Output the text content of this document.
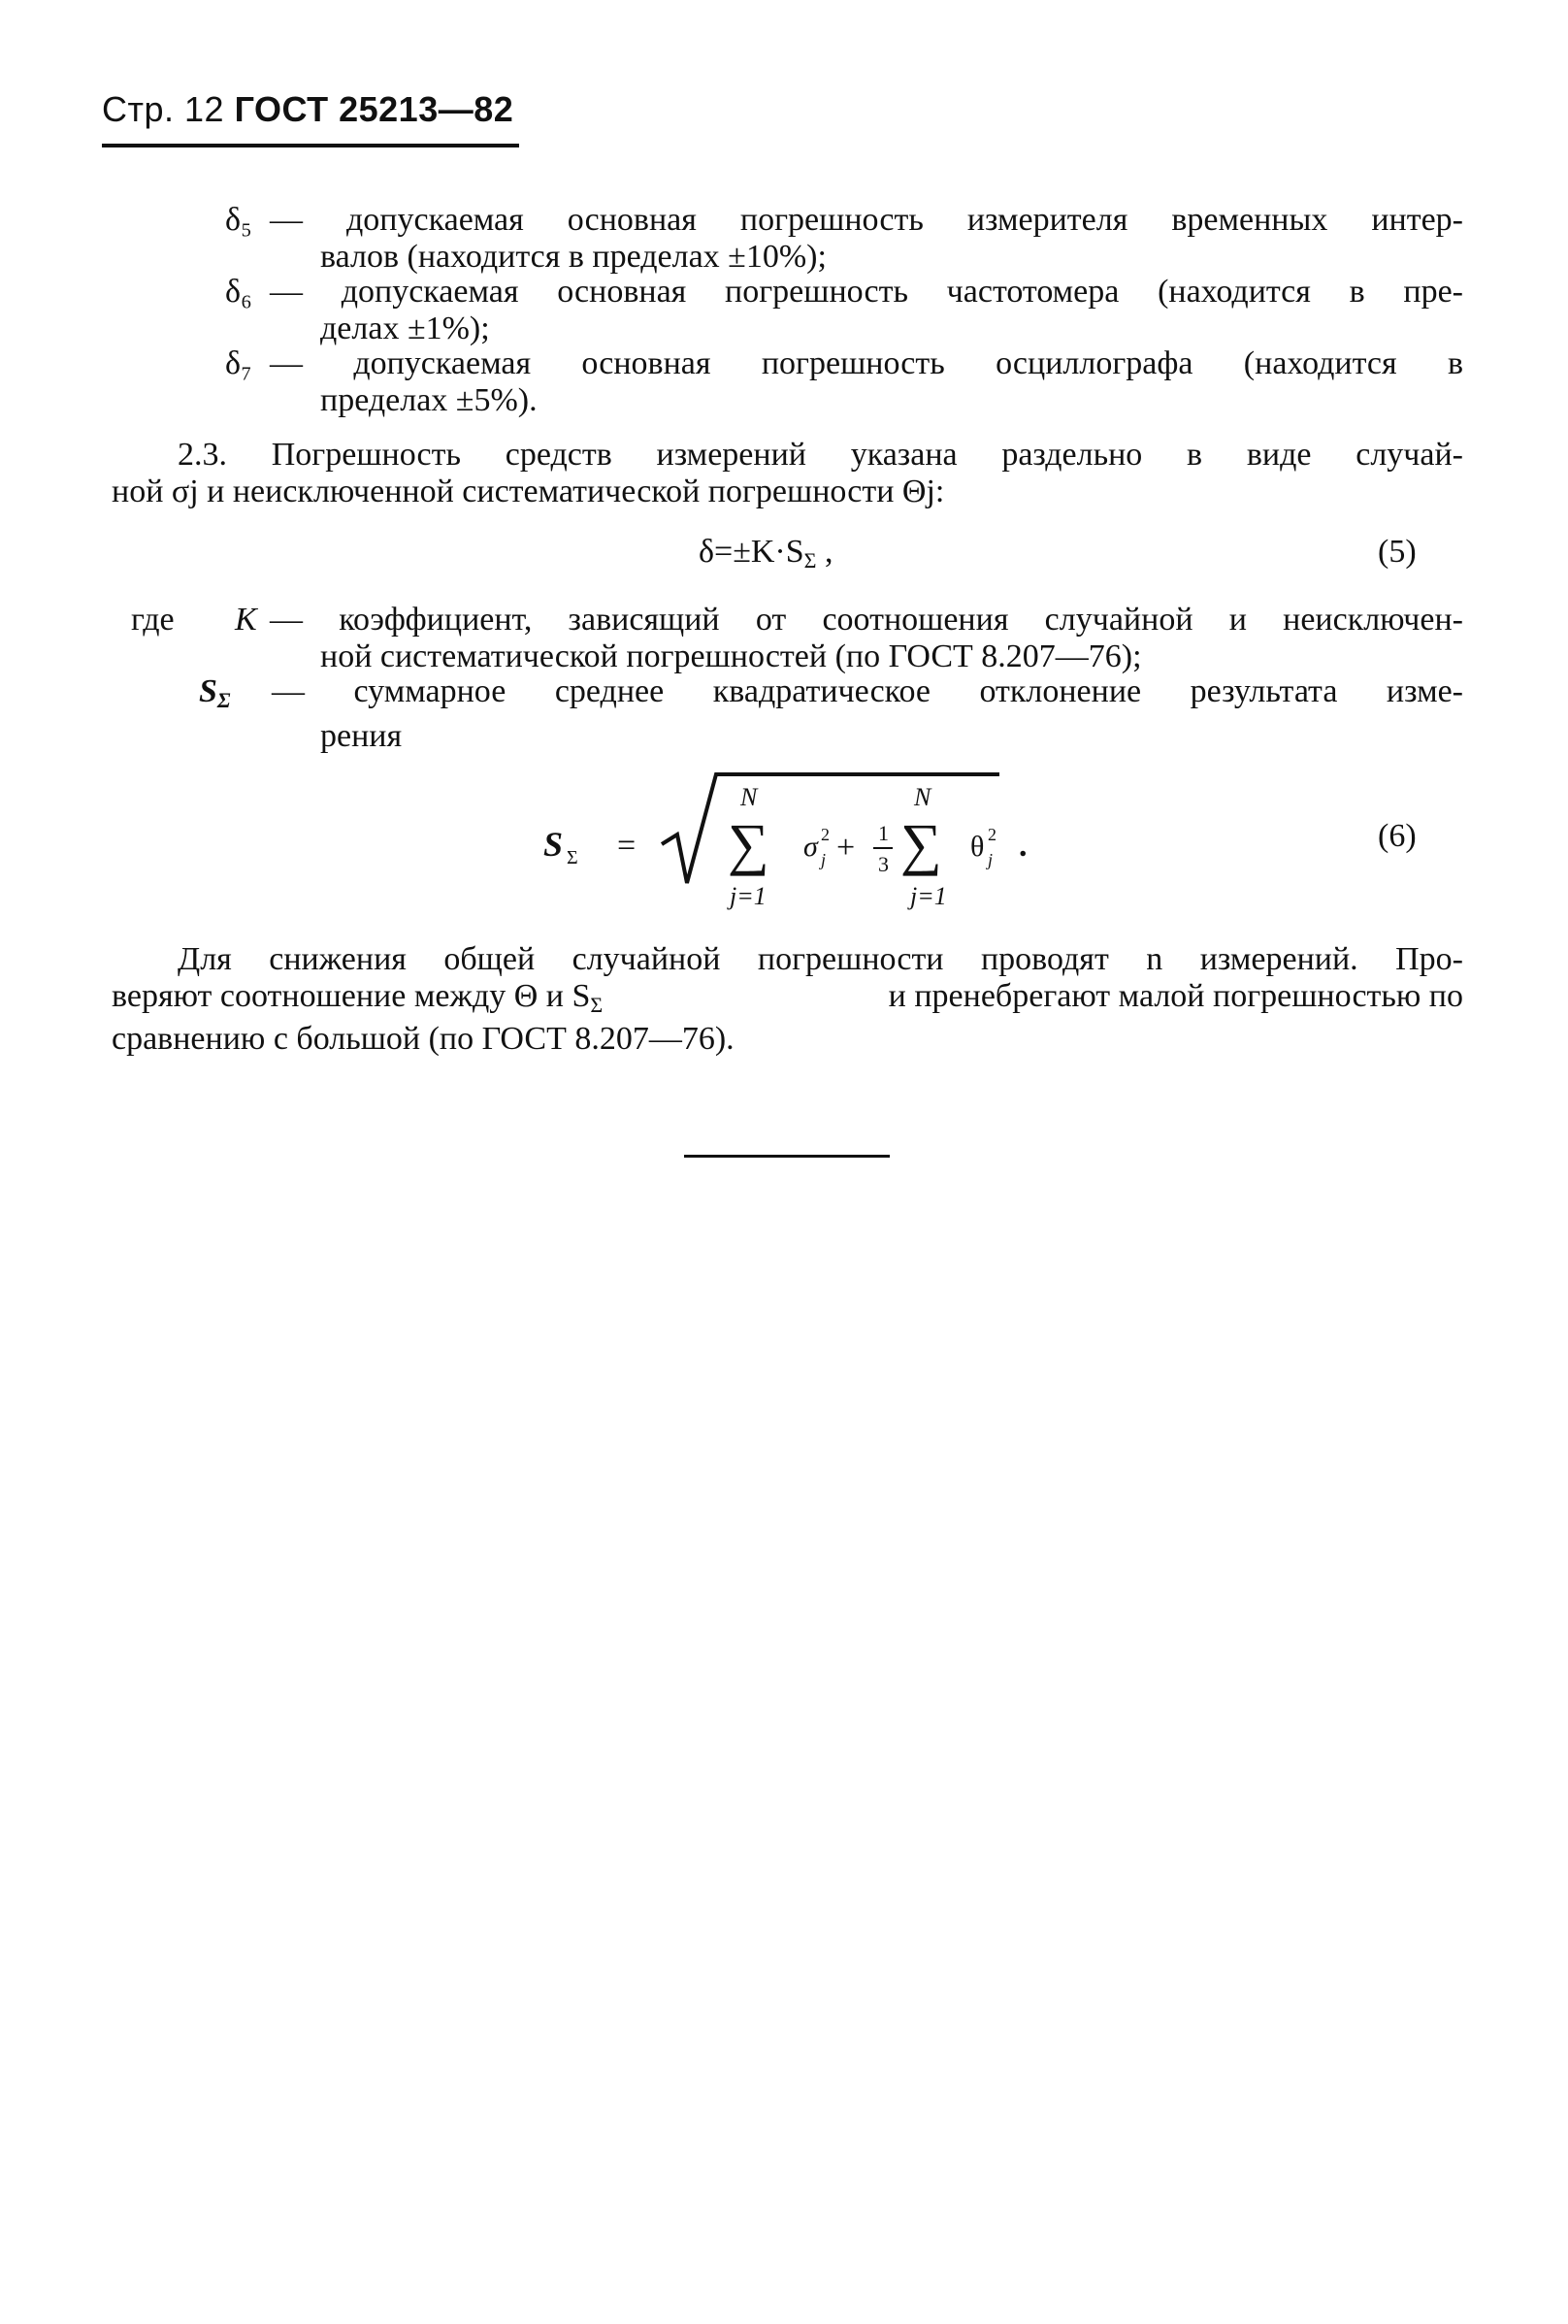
Стр. 12 ГОСТ 25213—82
δ₅ — допускаемая основная погрешность измерителя временных интер-
валов (находится в пределах ±10%);
δ₆ — допускаемая основная погрешность частотомера (находится в пре-
делах ±1%);
δ₇ — допускаемая основная погрешность осциллографа (находится в
пределах ±5%).
2.3. Погрешность средств измерений указана раздельно в виде случай-
ной σj и неисключенной систематической погрешности Θj:
$\delta=\pm K\cdot S_\Sigma$ ,	(5)
где K — коэффициент, зависящий от соотношения случайной и неисключен-
ной систематической погрешностей (по ГОСТ 8.207—76);
$S_\Sigma$ — суммарное среднее квадратическое отклонение результата изме-
рения
S Σ =
N
∑
j=1
σ 2
j + 1
3
N
∑
j=1
θ 2
j .	(6)
Для снижения общей случайной погрешности проводят n измерений. Про-
веряют соотношение между Θ и $S_\Sigma$	и пренебрегают малой погрешностью по
сравнению с большой (по ГОСТ 8.207—76).
